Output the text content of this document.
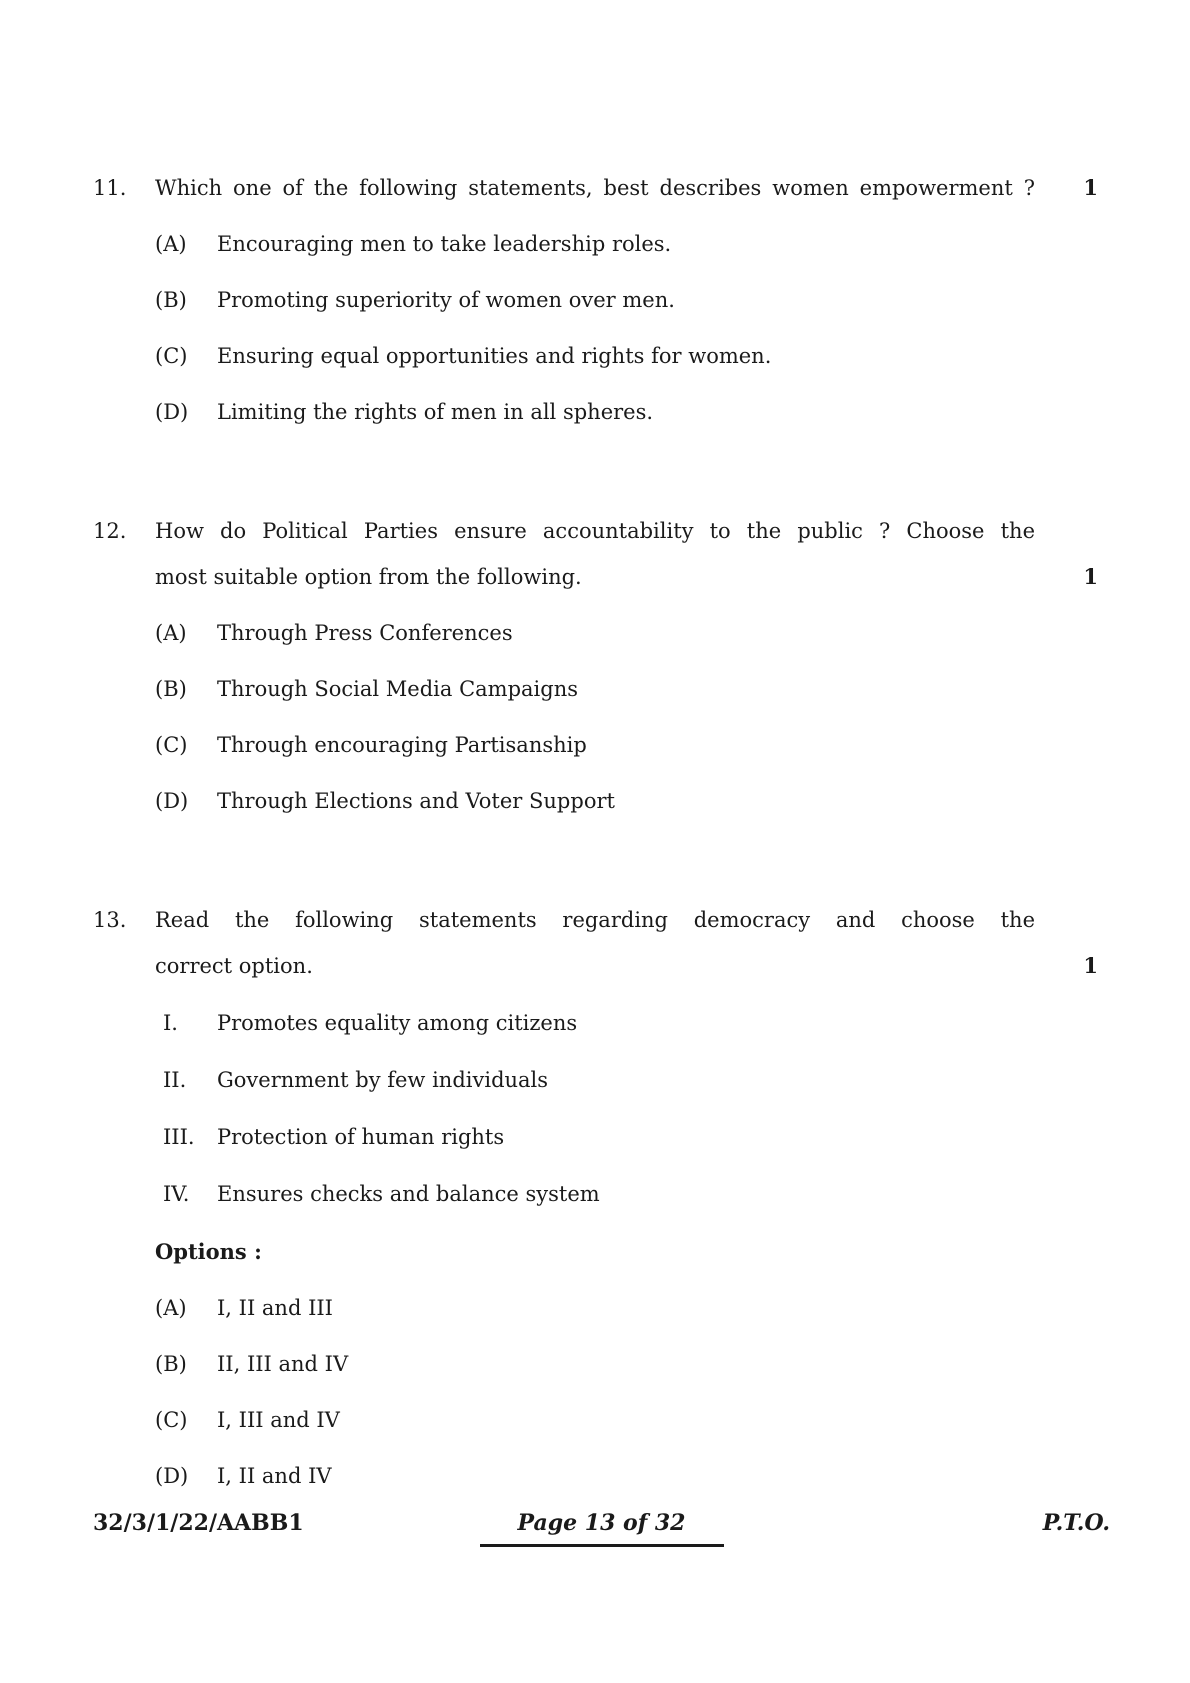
11.	1
Which one of the following statements, best describes women empowerment ?
(A)	Encouraging men to take leadership roles.
(B)	Promoting superiority of women over men.
(C)	Ensuring equal opportunities and rights for women.
(D)	Limiting the rights of men in all spheres.
12.
1
How do Political Parties ensure accountability to the public ? Choose the
most suitable option from the following.
(A)	Through Press Conferences
(B)	Through Social Media Campaigns
(C)	Through encouraging Partisanship
(D)	Through Elections and Voter Support
13.
1
Read the following statements regarding democracy and choose the
correct option.
I.	Promotes equality among citizens
II.	Government by few individuals
III.	Protection of human rights
IV.	Ensures checks and balance system
Options :
(A)	I, II and III
(B)	II, III and IV
(C)	I, III and IV
(D)	I, II and IV
32/3/1/22/AABB1	Page 13 of 32	P.T.O.
